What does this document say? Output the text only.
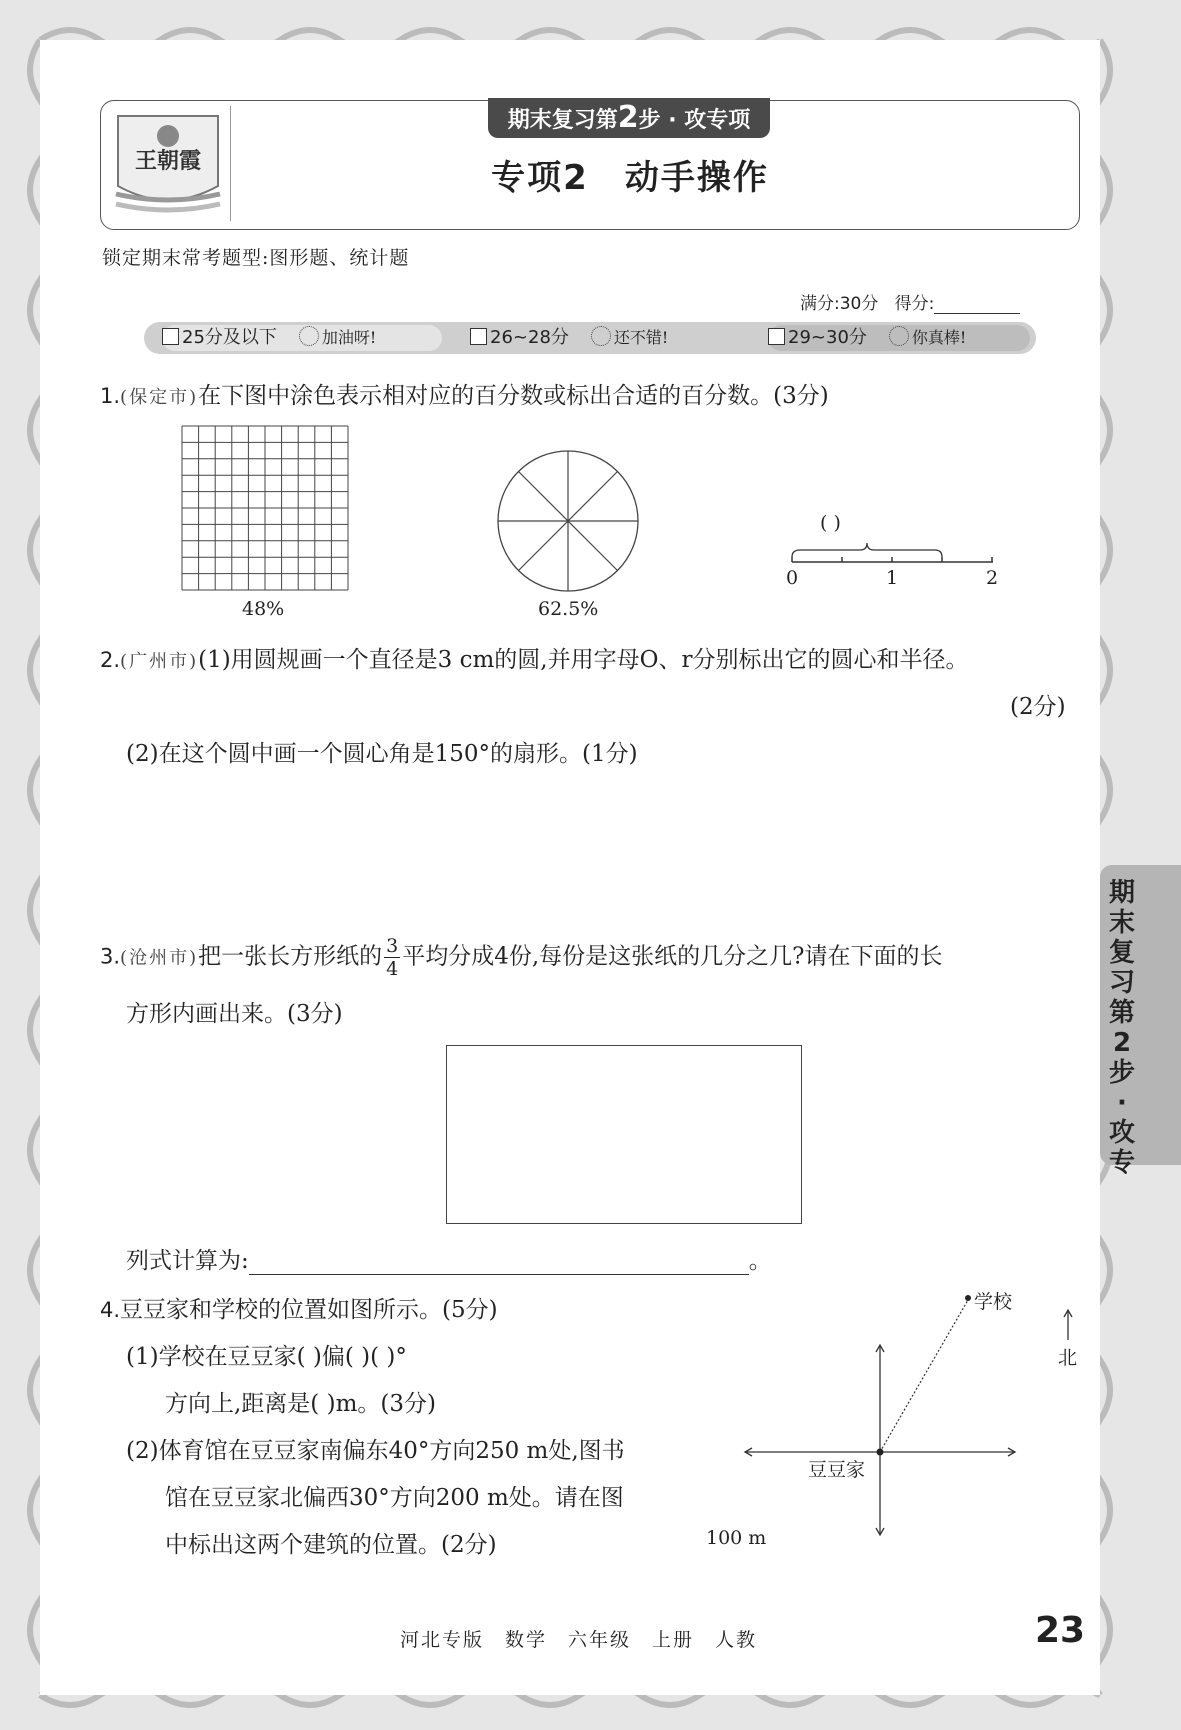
王朝霞
期末复习第2步 · 攻专项
专项2　动手操作
锁定期末常考题型:图形题、统计题
满分:30分 得分:
25分及以下	加油呀!	26~28分	还不错!	29~30分	你真棒!
1.(保定市)在下图中涂色表示相对应的百分数或标出合适的百分数。(3分)
48%	62.5%
( )
0	1	2
2.(广州市)(1)用圆规画一个直径是3 cm的圆,并用字母O、r分别标出它的圆心和半径。
(2分)
(2)在这个圆中画一个圆心角是150°的扇形。(1分)
3.(沧州市)把一张长方形纸的 $\frac{3}{4}$平均分成4份,每份是这张纸的几分之几?请在下面的长
方形内画出来。(3分)
列式计算为:	。
4.豆豆家和学校的位置如图所示。(5分)
(1)学校在豆豆家( )偏( )( )°
方向上,距离是( )m。(3分)
(2)体育馆在豆豆家南偏东40°方向250 m处,图书
馆在豆豆家北偏西30°方向200 m处。请在图
中标出这两个建筑的位置。(2分)
学校
豆豆家
北
100 m
期
末
复
习
第
2
步
·
攻
专
河北专版　数学　六年级　上册　人教	23
